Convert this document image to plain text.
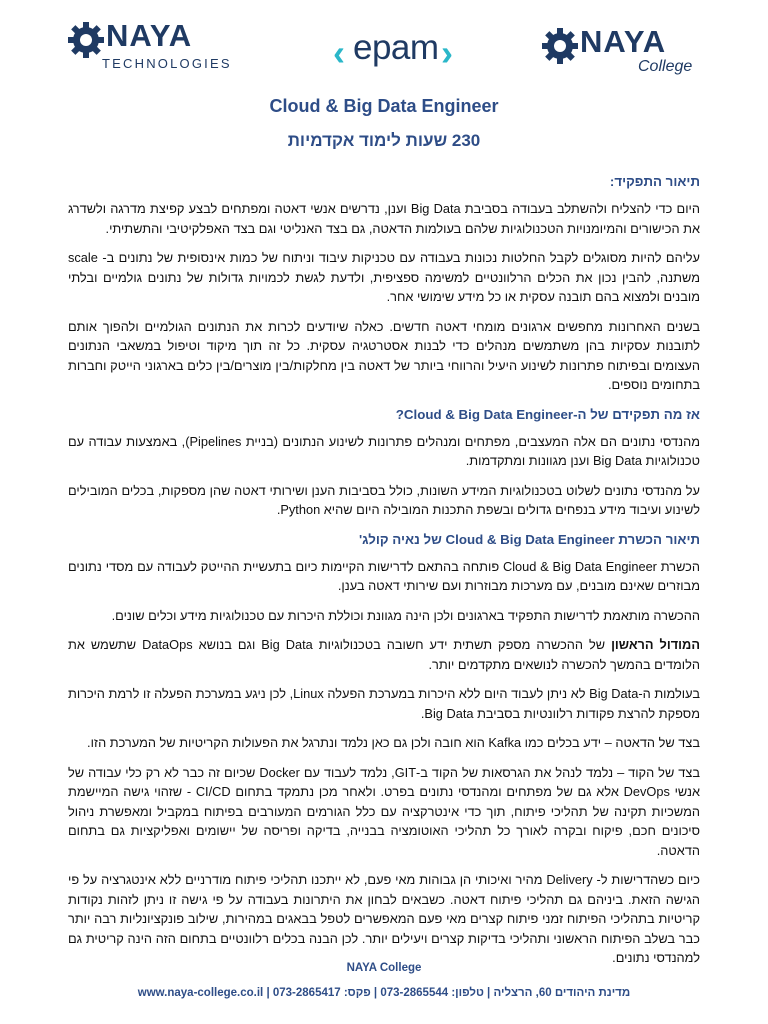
NAYA
TECHNOLOGIES	‹ epam ›	NAYA
College
Cloud & Big Data Engineer
230 שעות לימוד אקדמיות
תיאור התפקיד:
היום כדי להצליח ולהשתלב בעבודה בסביבת Big Data וענן, נדרשים אנשי דאטה ומפתחים לבצע קפיצת מדרגה ולשדרג את הכישורים והמיומנויות הטכנולוגיות שלהם בעולמות הדאטה, גם בצד האנליטי וגם בצד האפלקיטיבי והתשתיתי.
עליהם להיות מסוגלים לקבל החלטות נכונות בעבודה עם טכניקות עיבוד וניתוח של כמות אינסופית של נתונים ב- scale משתנה, להבין נכון את הכלים הרלוונטיים למשימה ספציפית, ולדעת לגשת לכמויות גדולות של נתונים גולמיים ובלתי מובנים ולמצוא בהם תובנה עסקית או כל מידע שימושי אחר.
בשנים האחרונות מחפשים ארגונים מומחי דאטה חדשים. כאלה שיודעים לכרות את הנתונים הגולמיים ולהפוך אותם לתובנות עסקיות בהן משתמשים מנהלים כדי לבנות אסטרטגיה עסקית. כל זה תוך מיקוד וטיפול במשאבי הנתונים העצומים ובפיתוח פתרונות לשינוע היעיל והרווחי ביותר של דאטה בין מחלקות/בין מוצרים/בין כלים בארגוני הייטק וחברות בתחומים נוספים.
אז מה תפקידם של ה-Cloud & Big Data Engineer?
מהנדסי נתונים הם אלה המעצבים, מפתחים ומנהלים פתרונות לשינוע הנתונים (בניית Pipelines), באמצעות עבודה עם טכנולוגיות Big Data וענן מגוונות ומתקדמות.
על מהנדסי נתונים לשלוט בטכנולוגיות המידע השונות, כולל בסביבות הענן ושירותי דאטה שהן מספקות, בכלים המובילים לשינוע ועיבוד מידע בנפחים גדולים ובשפת התכנות המובילה היום שהיא Python.
תיאור הכשרת Cloud & Big Data Engineer של נאיה קולג'
הכשרת Cloud & Big Data Engineer פותחה בהתאם לדרישות הקיימות כיום בתעשיית ההייטק לעבודה עם מסדי נתונים מבוזרים שאינם מובנים, עם מערכות מבוזרות ועם שירותי דאטה בענן.
ההכשרה מותאמת לדרישות התפקיד בארגונים ולכן הינה מגוונת וכוללת היכרות עם טכנולוגיות מידע וכלים שונים.
המודול הראשון של ההכשרה מספק תשתית ידע חשובה בטכנולוגיות Big Data וגם בנושא DataOps שתשמש את הלומדים בהמשך להכשרה לנושאים מתקדמים יותר.
בעולמות ה-Big Data לא ניתן לעבוד היום ללא היכרות במערכת הפעלה Linux, לכן ניגע במערכת הפעלה זו לרמת היכרות מספקת להרצת פקודות רלוונטיות בסביבת Big Data.
בצד של הדאטה – ידע בכלים כמו Kafka הוא חובה ולכן גם כאן נלמד ונתרגל את הפעולות הקריטיות של המערכת הזו.
בצד של הקוד – נלמד לנהל את הגרסאות של הקוד ב-GIT, נלמד לעבוד עם Docker שכיום זה כבר לא רק כלי עבודה של אנשי DevOps אלא גם של מפתחים ומהנדסי נתונים בפרט. ולאחר מכן נתמקד בתחום CI/CD - שזהוי גישה המיישמת המשכיות תקינה של תהליכי פיתוח, תוך כדי אינטרקציה עם כלל הגורמים המעורבים בפיתוח במקביל ומאפשרת ניהול סיכונים חכם, פיקוח ובקרה לאורך כל תהליכי האוטומציה בבנייה, בדיקה ופריסה של יישומים ואפליקציות גם בתחום הדאטה.
כיום כשהדרישות ל- Delivery מהיר ואיכותי הן גבוהות מאי פעם, לא ייתכנו תהליכי פיתוח מודרניים ללא אינטגרציה על פי הגישה הזאת. ביניהם גם תהליכי פיתוח דאטה. כשבאים לבחון את היתרונות בעבודה על פי גישה זו ניתן לזהות נקודות קריטיות בתהליכי הפיתוח זמני פיתוח קצרים מאי פעם המאפשרים לטפל בבאגים במהירות, שילוב פונקציונליות רבה יותר כבר בשלב הפיתוח הראשוני ותהליכי בדיקות קצרים ויעילים יותר. לכן הבנה בכלים רלוונטיים בתחום הזה הינה קריטית גם למהנדסי נתונים.
NAYA College
מדינת היהודים 60, הרצליה | טלפון: 073-2865544 | פקס: 073-2865417 | www.naya-college.co.il
